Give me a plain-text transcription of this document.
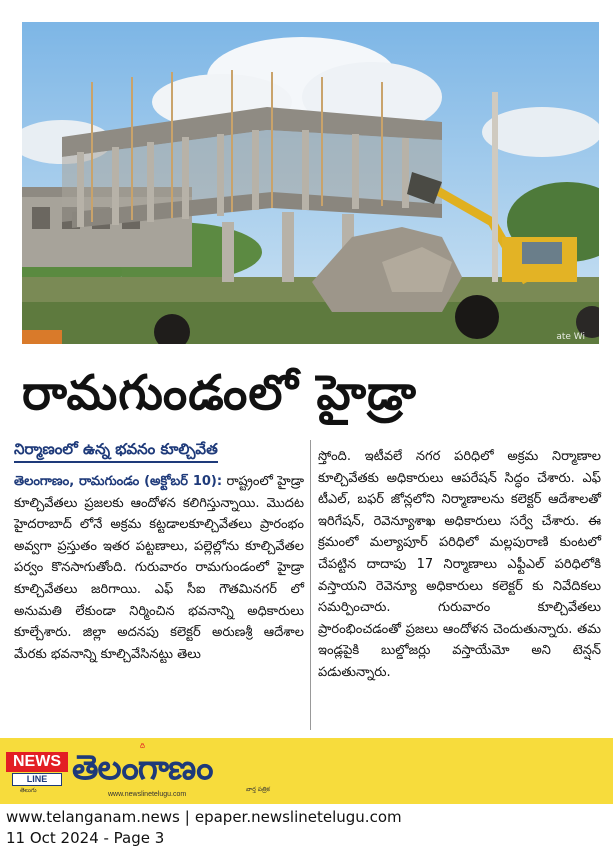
ate Wi
రామగుండంలో హైడ్రా
నిర్మాణంలో ఉన్న భవనం కూల్చివేత

తెలంగాణం, రామగుండం (అక్టోబర్ 10): రాష్ట్రంలో హైడ్రా కూల్చివేతలు ప్రజలకు ఆందోళన కలిగిస్తున్నాయి. మొదట హైదరాబాద్ లోనే అక్రమ కట్టడాలకూల్చివేతలు ప్రారంభం అవ్వగా ప్రస్తుతం ఇతర పట్టణాలు, పల్లెల్లోను కూల్చివేతల పర్వం కొనసాగుతోంది. గురువారం రామగుండంలో హైడ్రా కూల్చివేతలు జరిగాయి. ఎఫ్ సీఐ గౌతమినగర్ లో అనుమతి లేకుండా నిర్మించిన భవనాన్ని అధికారులు కూల్చేశారు. జిల్లా అదనపు కలెక్టర్ అరుణశ్రీ ఆదేశాల మేరకు భవనాన్ని కూల్చివేసినట్టు తెలు

స్తోంది. ఇటీవలే నగర పరిధిలో అక్రమ నిర్మాణాల కూల్చివేతకు అధికారులు ఆపరేషన్ సిద్ధం చేశారు. ఎఫ్ టీఎల్, బఫర్ జోన్లలోని నిర్మాణాలను కలెక్టర్ ఆదేశాలతో ఇరిగేషన్, రెవెన్యూశాఖ అధికారులు సర్వే చేశారు. ఈ క్రమంలో మల్యాపూర్ పరిధిలో మల్లపురాణి కుంటలో చేపట్టిన దాదాపు 17 నిర్మాణాలు ఎఫ్టీఎల్ పరిధిలోకి వస్తాయని రెవెన్యూ అధికారులు కలెక్టర్ కు నివేదికలు సమర్పించారు. గురువారం కూల్చివేతలు ప్రారంభించడంతో ప్రజలు ఆందోళన చెందుతున్నారు. తమ ఇండ్లపైకి బుల్డోజర్లు వస్తాయేమో అని టెన్షన్ పడుతున్నారు.

NEWS
LINE
తెలుగు
ది
తెలంగాణం
వార్త పత్రిక
www.newslinetelugu.com
www.telanganam.news | epaper.newslinetelugu.com
11 Oct 2024 - Page 3
